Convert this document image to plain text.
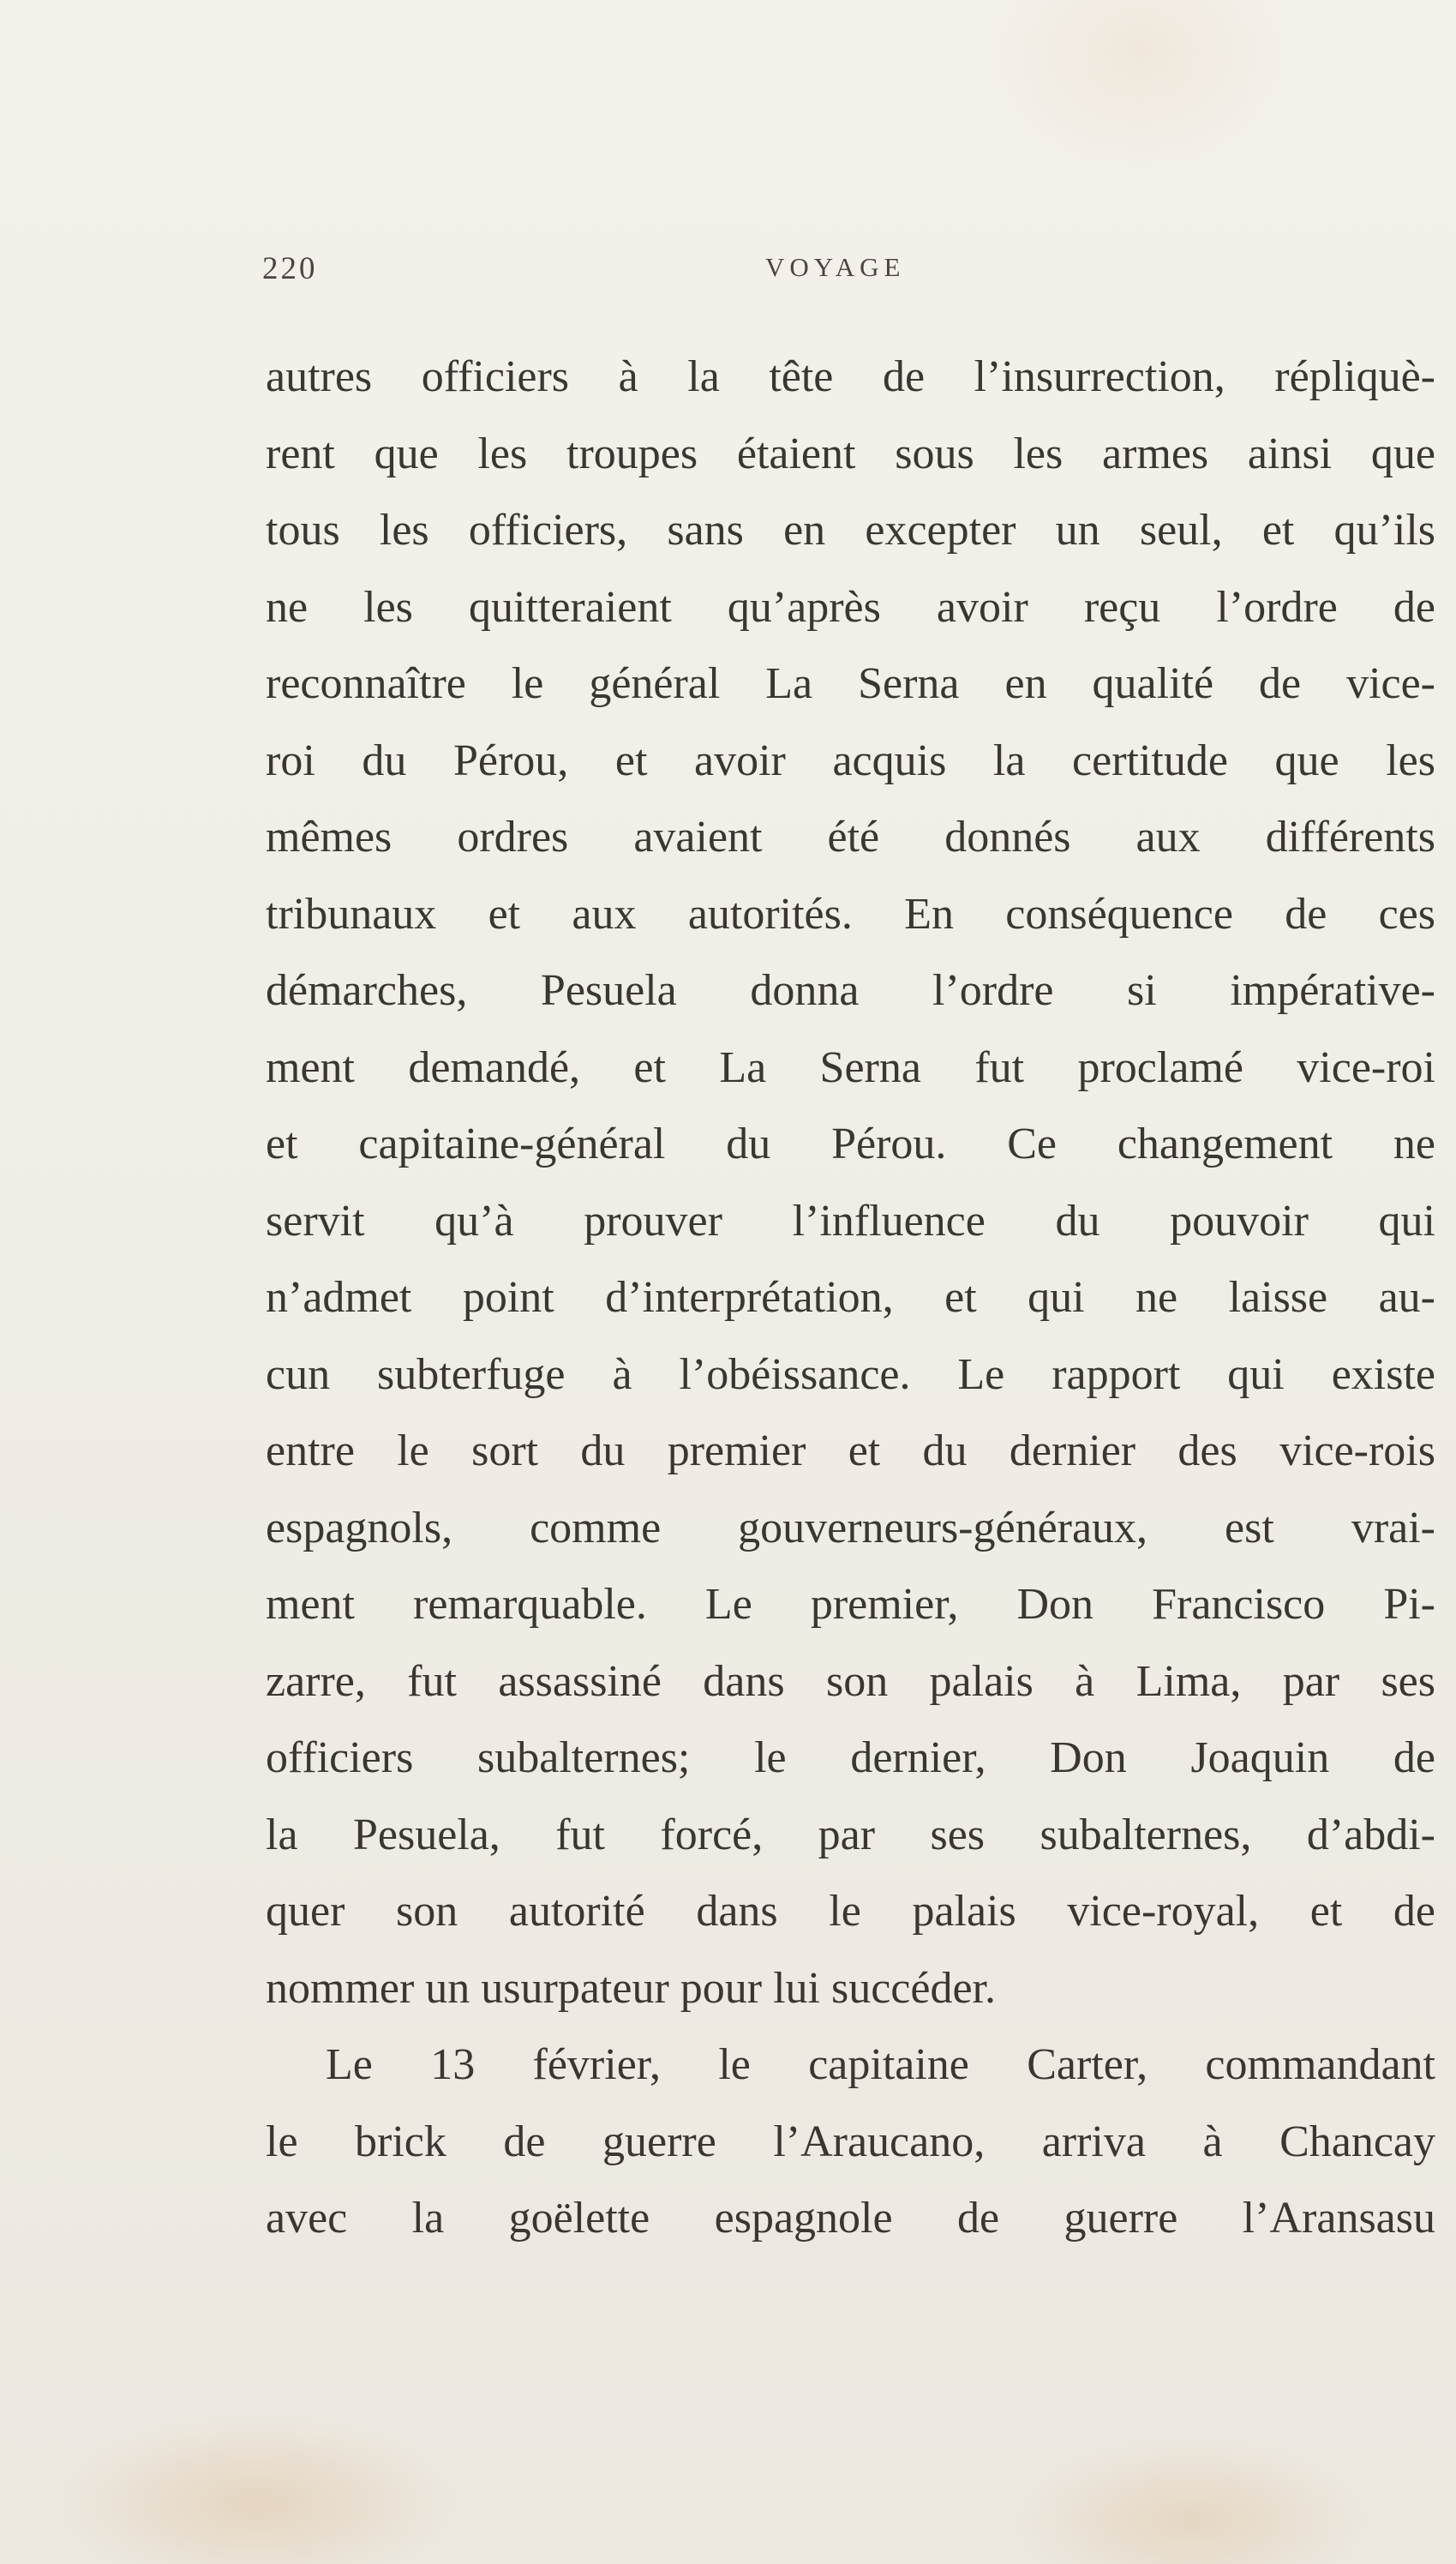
220	VOYAGE
autres officiers à la tête de l’insurrection, répliquè-
rent que les troupes étaient sous les armes ainsi que
tous les officiers, sans en excepter un seul, et qu’ils
ne les quitteraient qu’après avoir reçu l’ordre de
reconnaître le général La Serna en qualité de vice-
roi du Pérou, et avoir acquis la certitude que les
mêmes ordres avaient été donnés aux différents
tribunaux et aux autorités. En conséquence de ces
démarches, Pesuela donna l’ordre si impérative-
ment demandé, et La Serna fut proclamé vice-roi
et capitaine-général du Pérou. Ce changement ne
servit qu’à prouver l’influence du pouvoir qui
n’admet point d’interprétation, et qui ne laisse au-
cun subterfuge à l’obéissance. Le rapport qui existe
entre le sort du premier et du dernier des vice-rois
espagnols, comme gouverneurs-généraux, est vrai-
ment remarquable. Le premier, Don Francisco Pi-
zarre, fut assassiné dans son palais à Lima, par ses
officiers subalternes; le dernier, Don Joaquin de
la Pesuela, fut forcé, par ses subalternes, d’abdi-
quer son autorité dans le palais vice-royal, et de
nommer un usurpateur pour lui succéder.
Le 13 février, le capitaine Carter, commandant
le brick de guerre l’Araucano, arriva à Chancay
avec la goëlette espagnole de guerre l’Aransasu
